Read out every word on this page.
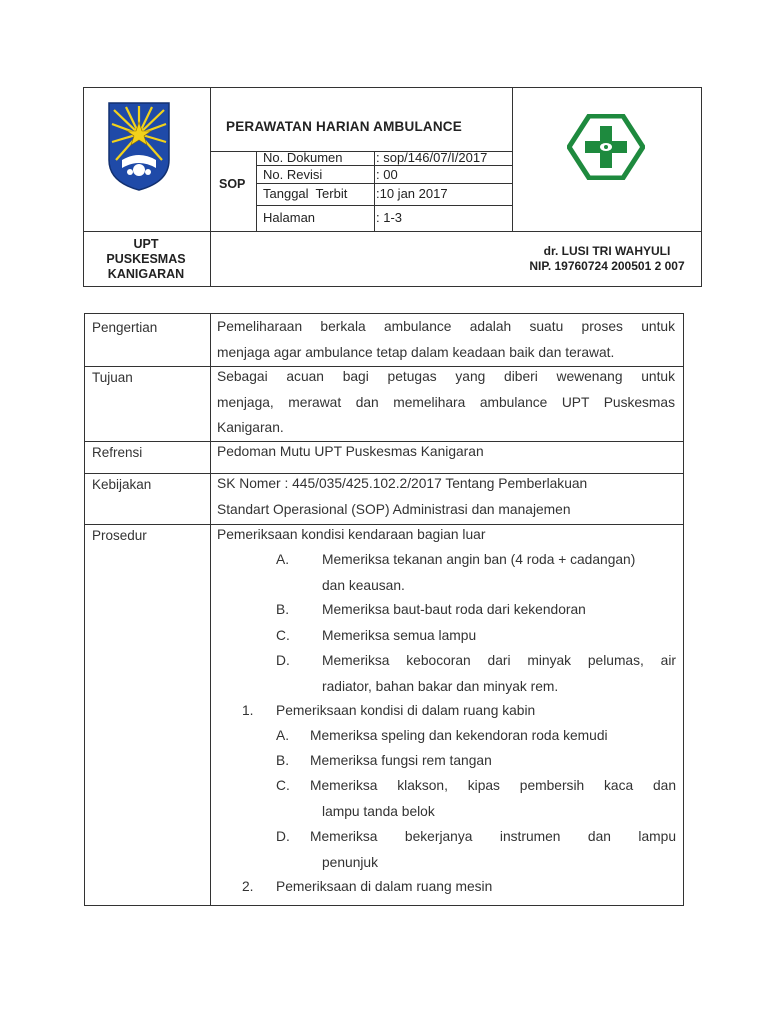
PERAWATAN HARIAN AMBULANCE
SOP
No. Dokumen	: sop/146/07/I/2017
No. Revisi	: 00
Tanggal  Terbit :10 jan 2017
Halaman	: 1-3
UPT
PUSKESMAS
KANIGARAN
dr. LUSI TRI WAHYULI
NIP. 19760724 200501 2 007
Pengertian	Pemeliharaan berkala ambulance adalah suatu proses untuk
menjaga agar ambulance tetap dalam keadaan baik dan terawat.
Tujuan	Sebagai acuan bagi petugas yang diberi wewenang untuk
menjaga, merawat dan memelihara ambulance UPT Puskesmas
Kanigaran.
Refrensi	Pedoman Mutu UPT Puskesmas Kanigaran
Kebijakan	SK Nomer : 445/035/425.102.2/2017 Tentang Pemberlakuan
Standart Operasional (SOP) Administrasi dan manajemen
Prosedur	Pemeriksaan kondisi kendaraan bagian luar
A. Memeriksa tekanan angin ban (4 roda + cadangan)
dan keausan.
B. Memeriksa baut-baut roda dari kekendoran
C. Memeriksa semua lampu
D. Memeriksa kebocoran dari minyak pelumas, air
radiator, bahan bakar dan minyak rem.
1. Pemeriksaan kondisi di dalam ruang kabin
A. Memeriksa speling dan kekendoran roda kemudi
B. Memeriksa fungsi rem tangan
C. Memeriksa klakson, kipas pembersih kaca dan
lampu tanda belok
D. Memeriksa bekerjanya instrumen dan lampu
penunjuk
2. Pemeriksaan di dalam ruang mesin
